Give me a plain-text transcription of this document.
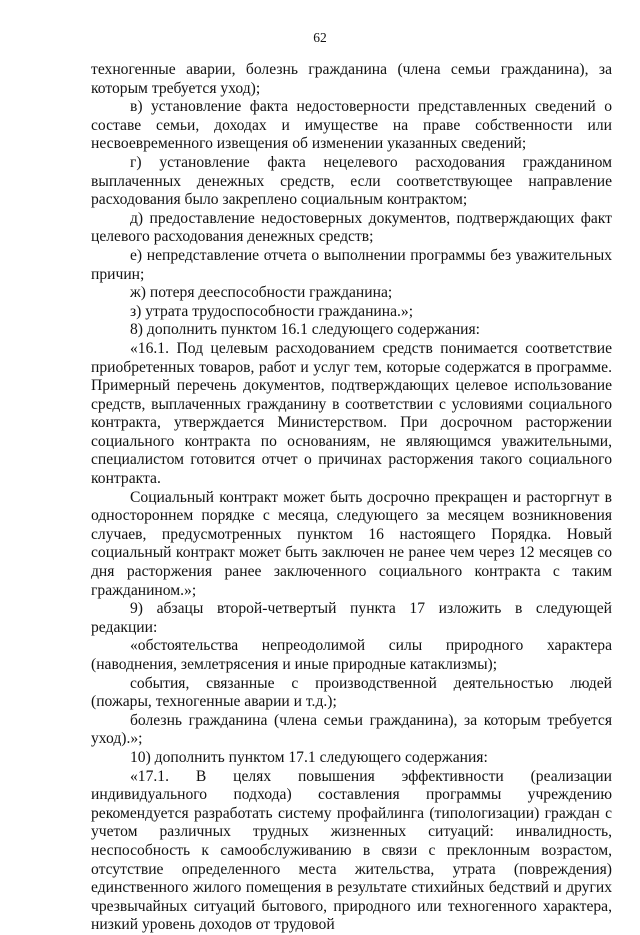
62

техногенные аварии, болезнь гражданина (члена семьи гражданина), за которым требуется уход);

в) установление факта недостоверности представленных сведений о составе семьи, доходах и имуществе на праве собственности или несвоевременного извещения об изменении указанных сведений;

г) установление факта нецелевого расходования гражданином выплаченных денежных средств, если соответствующее направление расходования было закреплено социальным контрактом;

д) предоставление недостоверных документов, подтверждающих факт целевого расходования денежных средств;

е) непредставление отчета о выполнении программы без уважительных причин;

ж) потеря дееспособности гражданина;

з) утрата трудоспособности гражданина.»;

8) дополнить пунктом 16.1 следующего содержания:

«16.1. Под целевым расходованием средств понимается соответствие приобретенных товаров, работ и услуг тем, которые содержатся в программе. Примерный перечень документов, подтверждающих целевое использование средств, выплаченных гражданину в соответствии с условиями социального контракта, утверждается Министерством. При досрочном расторжении социального контракта по основаниям, не являющимся уважительными, специалистом готовится отчет о причинах расторжения такого социального контракта.

Социальный контракт может быть досрочно прекращен и расторгнут в одностороннем порядке с месяца, следующего за месяцем возникновения случаев, предусмотренных пунктом 16 настоящего Порядка. Новый социальный контракт может быть заключен не ранее чем через 12 месяцев со дня расторжения ранее заключенного социального контракта с таким гражданином.»;

9) абзацы второй-четвертый пункта 17 изложить в следующей редакции:

«обстоятельства непреодолимой силы природного характера (наводнения, землетрясения и иные природные катаклизмы);

события, связанные с производственной деятельностью людей (пожары, техногенные аварии и т.д.);

болезнь гражданина (члена семьи гражданина), за которым требуется уход).»;

10) дополнить пунктом 17.1 следующего содержания:

«17.1. В целях повышения эффективности (реализации индивидуального подхода) составления программы учреждению рекомендуется разработать систему профайлинга (типологизации) граждан с учетом различных трудных жизненных ситуаций: инвалидность, неспособность к самообслуживанию в связи с преклонным возрастом, отсутствие определенного места жительства, утрата (повреждения) единственного жилого помещения в результате стихийных бедствий и других чрезвычайных ситуаций бытового, природного или техногенного характера, низкий уровень доходов от трудовой
